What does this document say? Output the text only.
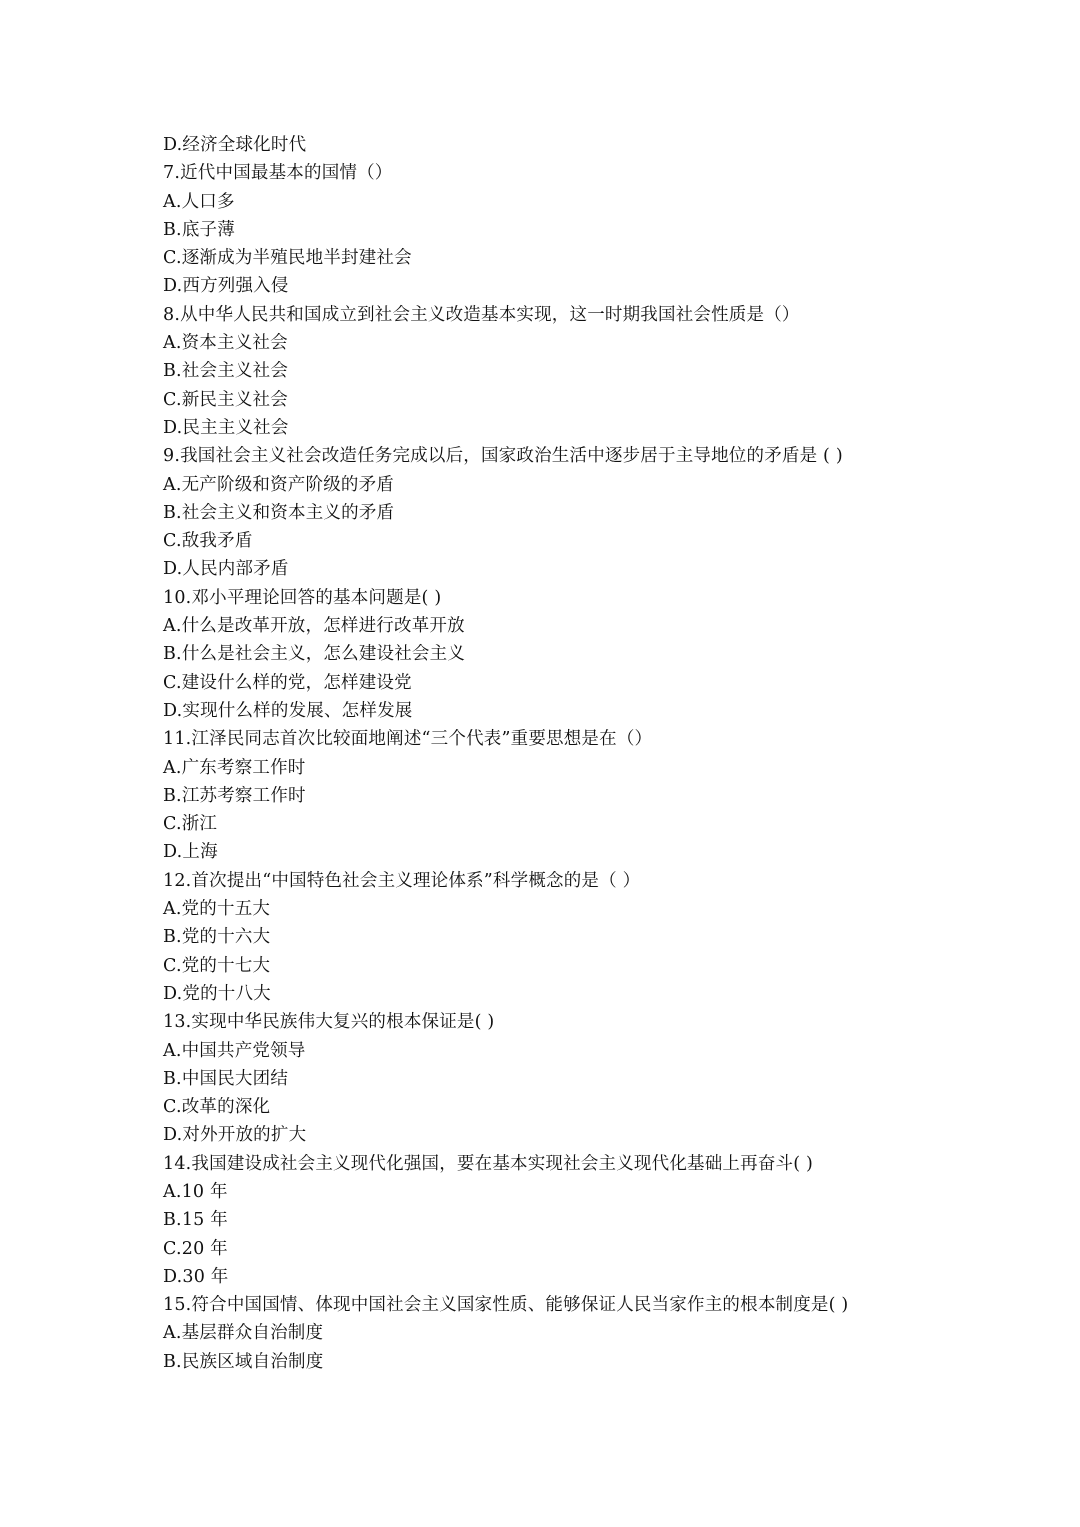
D.经济全球化时代
7.近代中国最基本的国情（）
A.人口多
B.底子薄
C.逐渐成为半殖民地半封建社会
D.西方列强入侵
8.从中华人民共和国成立到社会主义改造基本实现，这一时期我国社会性质是（）
A.资本主义社会
B.社会主义社会
C.新民主义社会
D.民主主义社会
9.我国社会主义社会改造任务完成以后，国家政治生活中逐步居于主导地位的矛盾是 ( )
A.无产阶级和资产阶级的矛盾
B.社会主义和资本主义的矛盾
C.敌我矛盾
D.人民内部矛盾
10.邓小平理论回答的基本问题是( )
A.什么是改革开放，怎样进行改革开放
B.什么是社会主义，怎么建设社会主义
C.建设什么样的党，怎样建设党
D.实现什么样的发展、怎样发展
11.江泽民同志首次比较面地阐述“三个代表”重要思想是在（）
A.广东考察工作时
B.江苏考察工作时
C.浙江
D.上海
12.首次提出“中国特色社会主义理论体系”科学概念的是（ ）
A.党的十五大
B.党的十六大
C.党的十七大
D.党的十八大
13.实现中华民族伟大复兴的根本保证是( )
A.中国共产党领导
B.中国民大团结
C.改革的深化
D.对外开放的扩大
14.我国建设成社会主义现代化强国，要在基本实现社会主义现代化基础上再奋斗( )
A.10 年
B.15 年
C.20 年
D.30 年
15.符合中国国情、体现中国社会主义国家性质、能够保证人民当家作主的根本制度是( )
A.基层群众自治制度
B.民族区域自治制度
